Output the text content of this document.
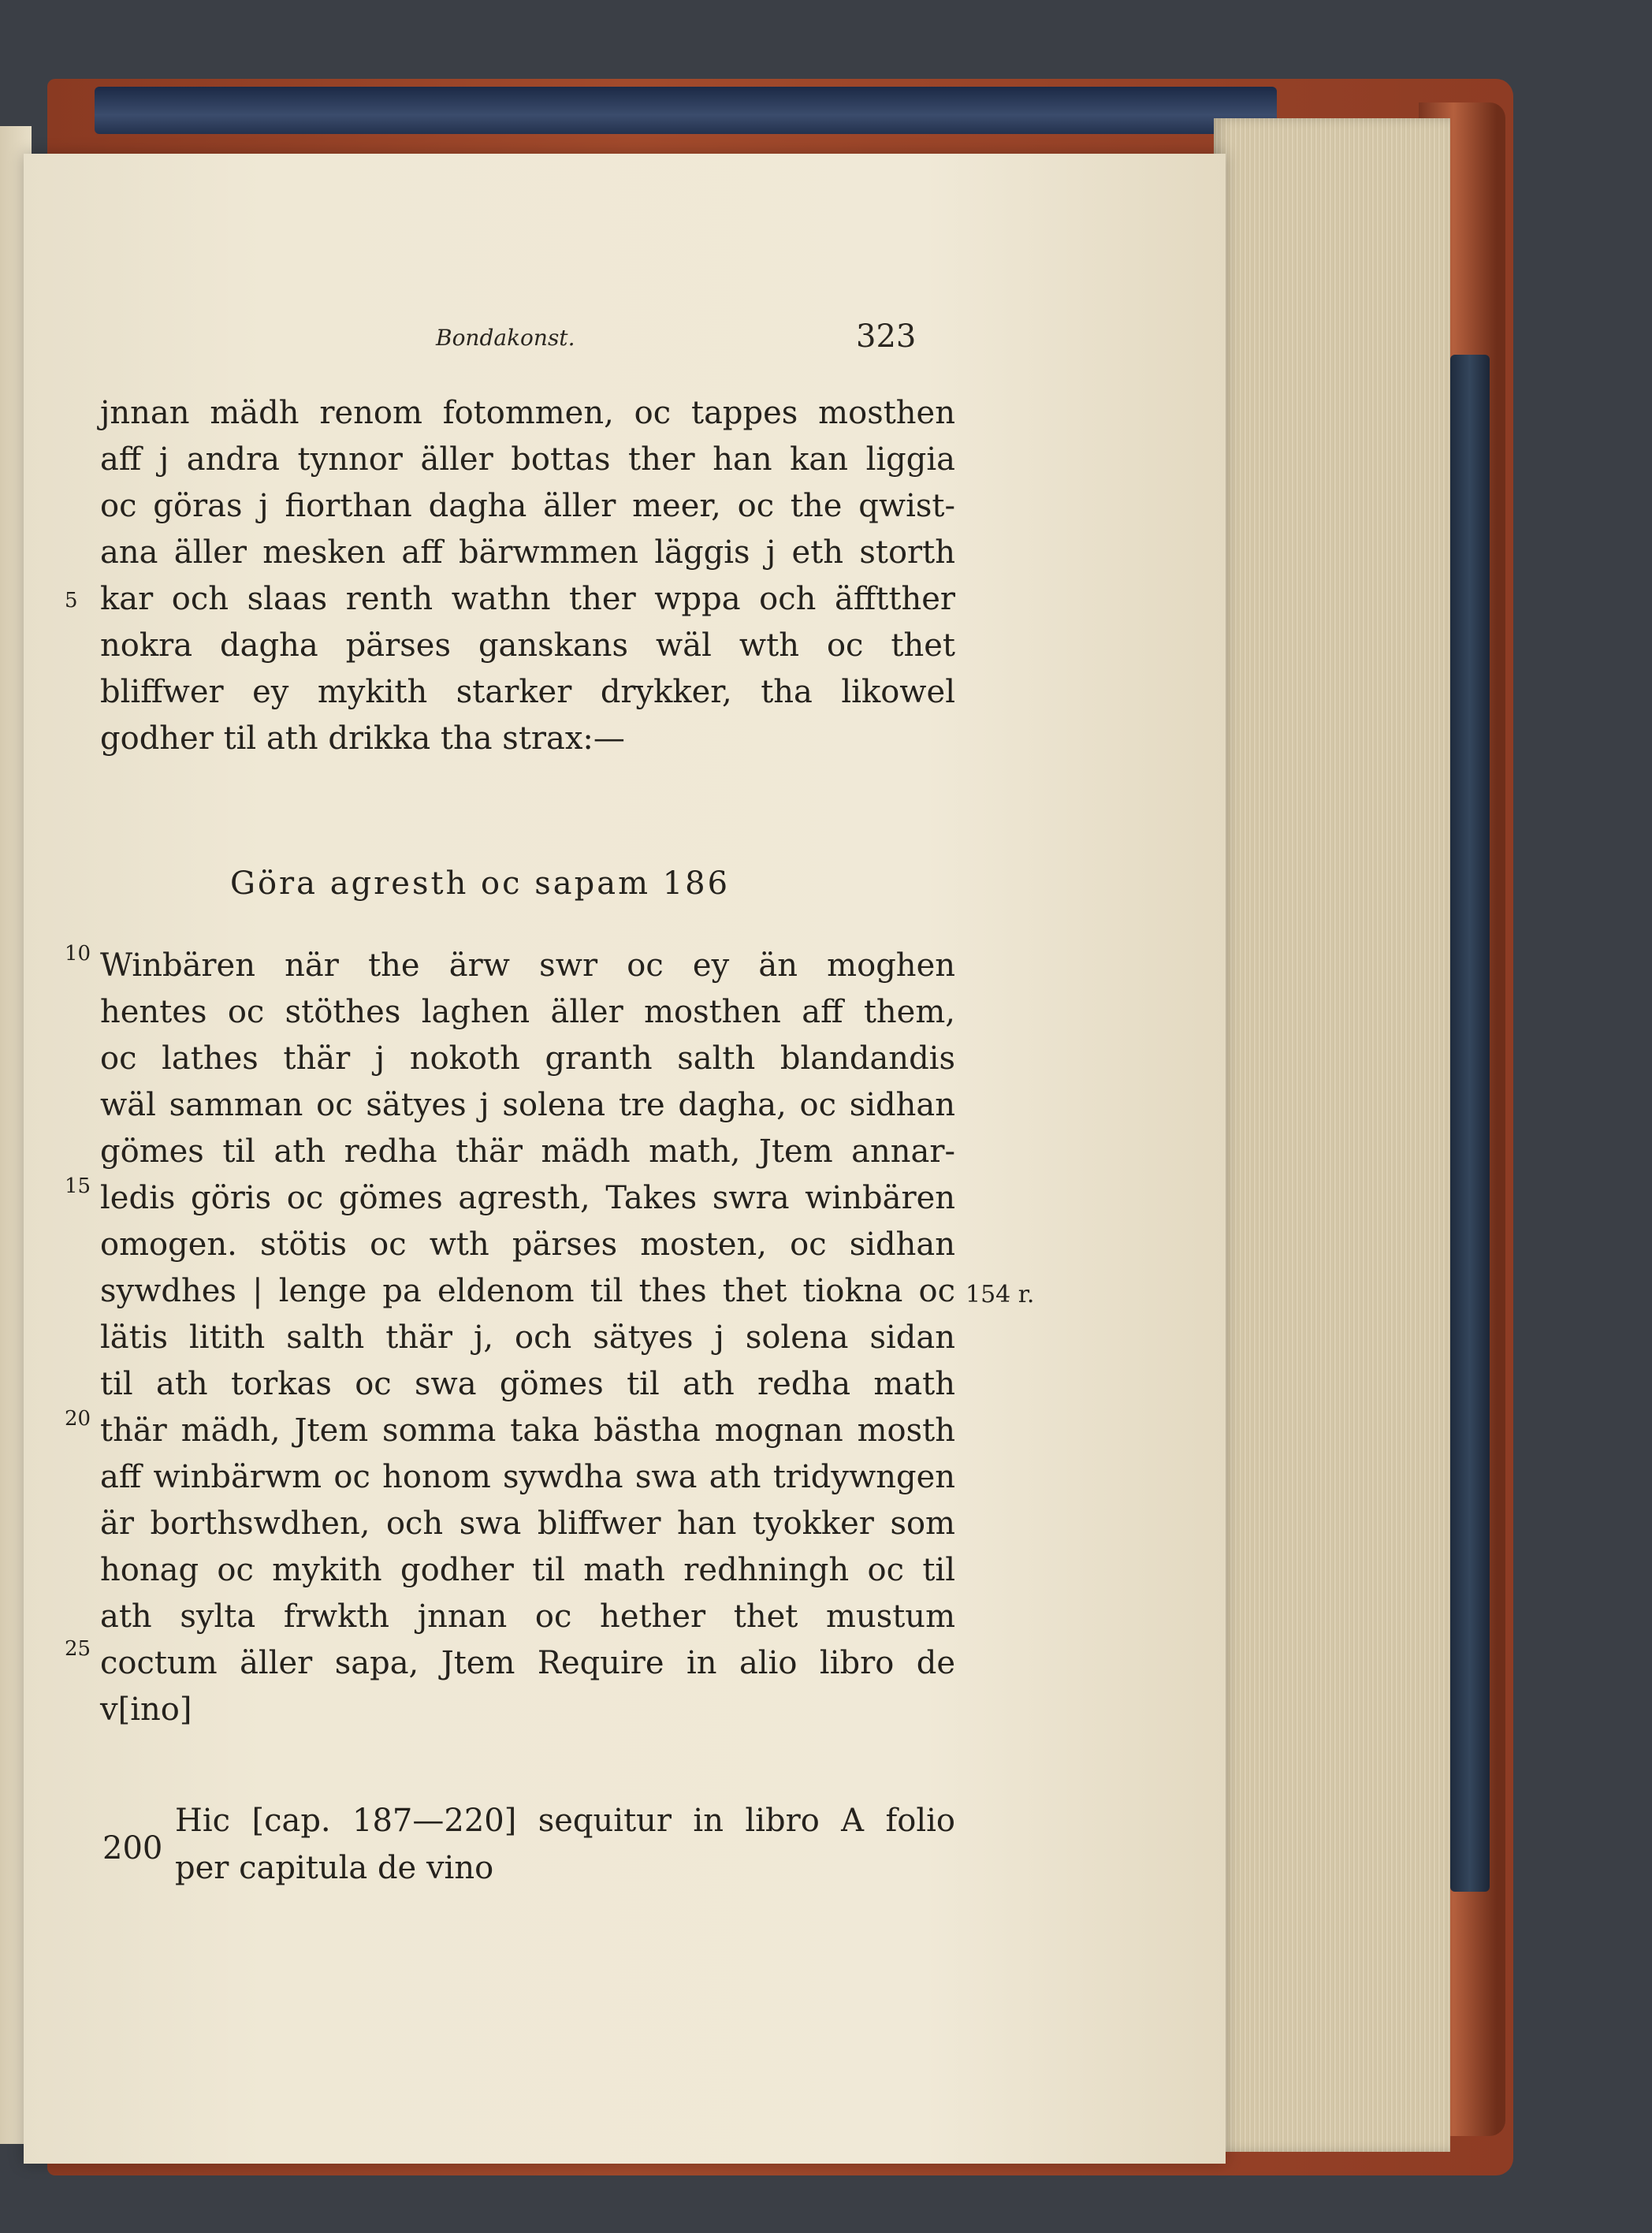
Bondakonst.	323
jnnan mädh renom fotommen, oc tappes mosthen
aff j andra tynnor äller bottas ther han kan liggia
oc göras j fiorthan dagha äller meer, oc the qwist-
ana äller mesken aff bärwmmen läggis j eth storth
kar och slaas renth wathn ther wppa och äfftther
nokra dagha pärses ganskans wäl wth oc thet
bliffwer ey mykith starker drykker, tha likowel
godher til ath drikka tha strax:—
Göra agresth oc sapam 186
Winbären när the ärw swr oc ey än moghen
hentes oc stöthes laghen äller mosthen aff them,
oc lathes thär j nokoth granth salth blandandis
wäl samman oc sätyes j solena tre dagha, oc sidhan
gömes til ath redha thär mädh math, Jtem annar-
ledis göris oc gömes agresth, Takes swra winbären
omogen. stötis oc wth pärses mosten, oc sidhan
sywdhes | lenge pa eldenom til thes thet tiokna oc
lätis litith salth thär j, och sätyes j solena sidan
til ath torkas oc swa gömes til ath redha math
thär mädh, Jtem somma taka bästha mognan mosth
aff winbärwm oc honom sywdha swa ath tridywngen
är borthswdhen, och swa bliffwer han tyokker som
honag oc mykith godher til math redhningh oc til
ath sylta frwkth jnnan oc hether thet mustum
coctum äller sapa, Jtem Require in alio libro de
v[ino]
5
10
15
20
25
154 r.
200
Hic [cap. 187—220] sequitur in libro A folio
per capitula de vino
